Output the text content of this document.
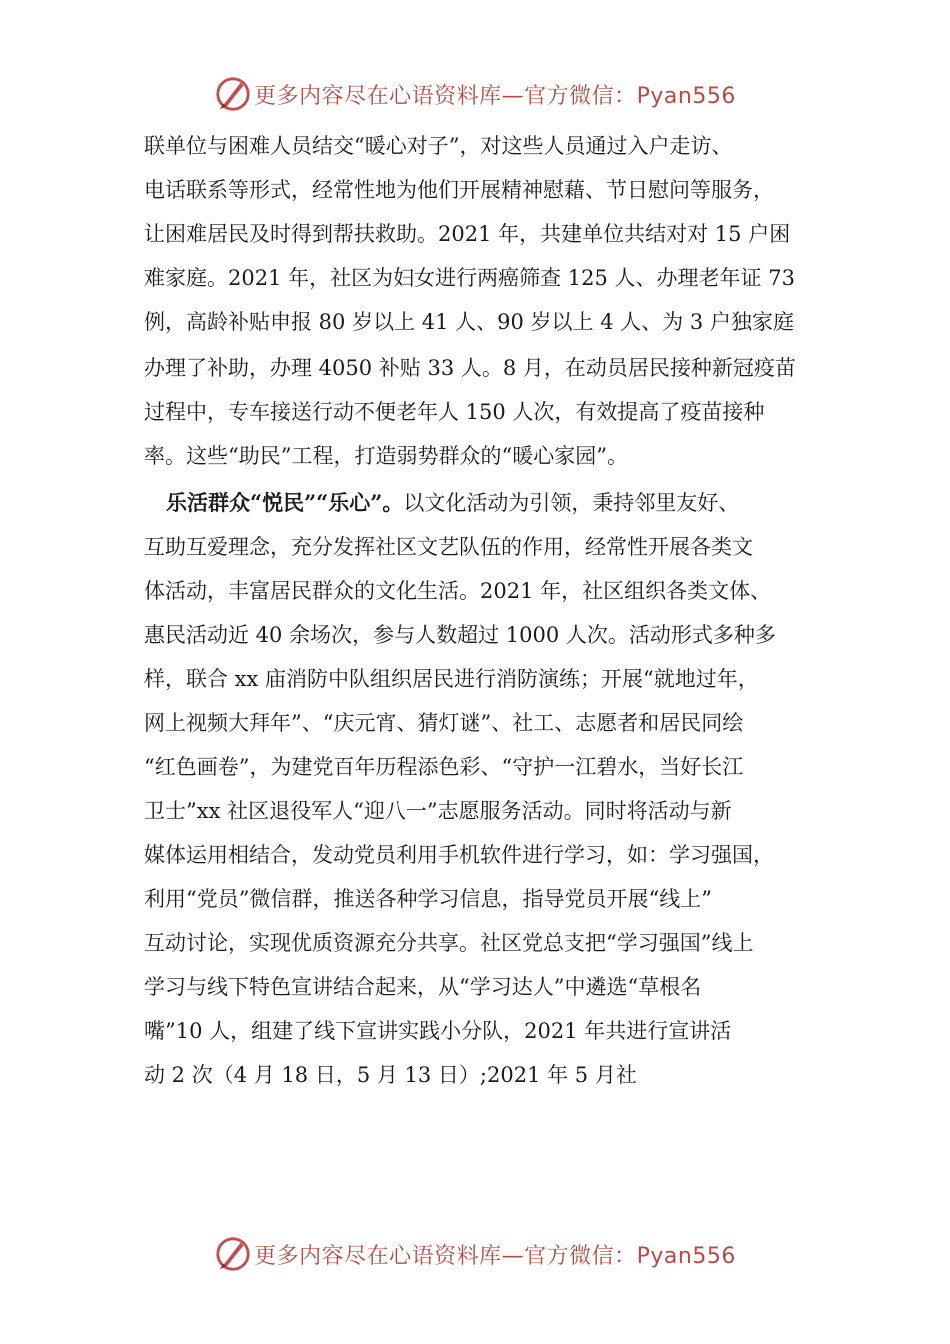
更多内容尽在心语资料库—官方微信：Pyan556
联单位与困难人员结交“暖心对子”，对这些人员通过入户走访、
电话联系等形式，经常性地为他们开展精神慰藉、节日慰问等服务，
让困难居民及时得到帮扶救助。2021 年，共建单位共结对对 15 户困
难家庭。2021 年，社区为妇女进行两癌筛查 125 人、办理老年证 73
例，高龄补贴申报 80 岁以上 41 人、90 岁以上 4 人、为 3 户独家庭
办理了补助，办理 4050 补贴 33 人。8 月，在动员居民接种新冠疫苗
过程中，专车接送行动不便老年人 150 人次，有效提高了疫苗接种
率。这些“助民”工程，打造弱势群众的“暖心家园”。
乐活群众“悦民”“乐心”。以文化活动为引领，秉持邻里友好、
互助互爱理念，充分发挥社区文艺队伍的作用，经常性开展各类文
体活动，丰富居民群众的文化生活。2021 年，社区组织各类文体、
惠民活动近 40 余场次，参与人数超过 1000 人次。活动形式多种多
样，联合 xx 庙消防中队组织居民进行消防演练；开展“就地过年，
网上视频大拜年”、“庆元宵、猜灯谜”、社工、志愿者和居民同绘
“红色画卷”，为建党百年历程添色彩、“守护一江碧水，当好长江
卫士”xx 社区退役军人“迎八一”志愿服务活动。同时将活动与新
媒体运用相结合，发动党员利用手机软件进行学习，如：学习强国，
利用“党员”微信群，推送各种学习信息，指导党员开展“线上”
互动讨论，实现优质资源充分共享。社区党总支把“学习强国”线上
学习与线下特色宣讲结合起来，从“学习达人”中遴选“草根名
嘴”10 人，组建了线下宣讲实践小分队，2021 年共进行宣讲活
动 2 次（4 月 18 日，5 月 13 日）;2021 年 5 月社
更多内容尽在心语资料库—官方微信：Pyan556
